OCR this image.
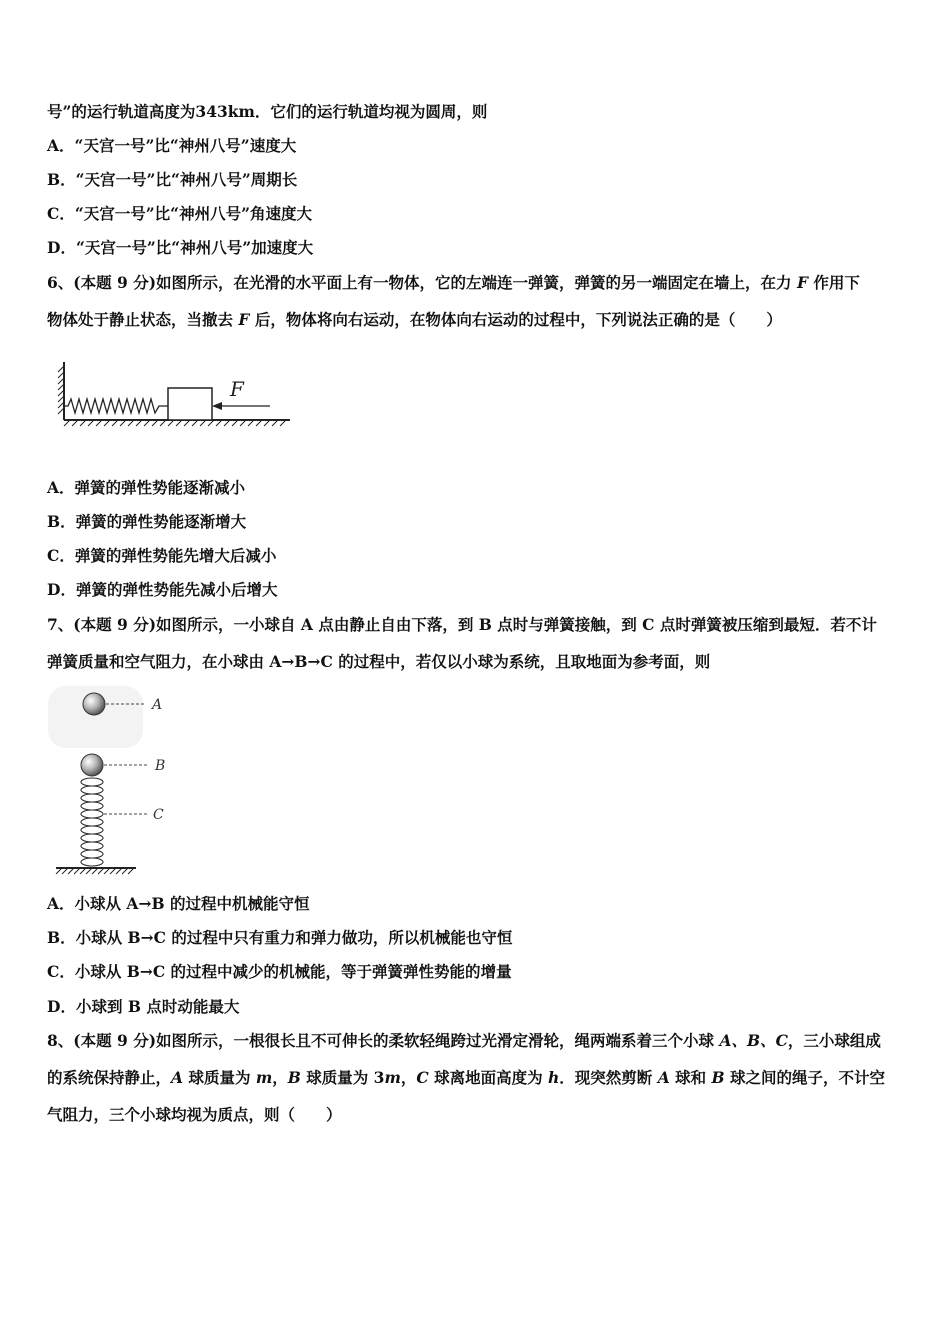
号”的运行轨道高度为343km．它们的运行轨道均视为圆周，则
A．“天宫一号”比“神州八号”速度大
B．“天宫一号”比“神州八号”周期长
C．“天宫一号”比“神州八号”角速度大
D．“天宫一号”比“神州八号”加速度大
6、(本题 9 分)如图所示，在光滑的水平面上有一物体，它的左端连一弹簧，弹簧的另一端固定在墙上，在力 F 作用下
物体处于静止状态，当撤去 F 后，物体将向右运动，在物体向右运动的过程中，下列说法正确的是（　　）
F
A．弹簧的弹性势能逐渐减小
B．弹簧的弹性势能逐渐增大
C．弹簧的弹性势能先增大后减小
D．弹簧的弹性势能先减小后增大
7、(本题 9 分)如图所示，一小球自 A 点由静止自由下落，到 B 点时与弹簧接触，到 C 点时弹簧被压缩到最短．若不计
弹簧质量和空气阻力，在小球由 A→B→C 的过程中，若仅以小球为系统，且取地面为参考面，则
A
B
C
A．小球从 A→B 的过程中机械能守恒
B．小球从 B→C 的过程中只有重力和弹力做功，所以机械能也守恒
C．小球从 B→C 的过程中减少的机械能，等于弹簧弹性势能的增量
D．小球到 B 点时动能最大
8、(本题 9 分)如图所示，一根很长且不可伸长的柔软轻绳跨过光滑定滑轮，绳两端系着三个小球 A、B、C，三小球组成
的系统保持静止，A 球质量为 m，B 球质量为 3m，C 球离地面高度为 h．现突然剪断 A 球和 B 球之间的绳子，不计空
气阻力，三个小球均视为质点，则（　　）
